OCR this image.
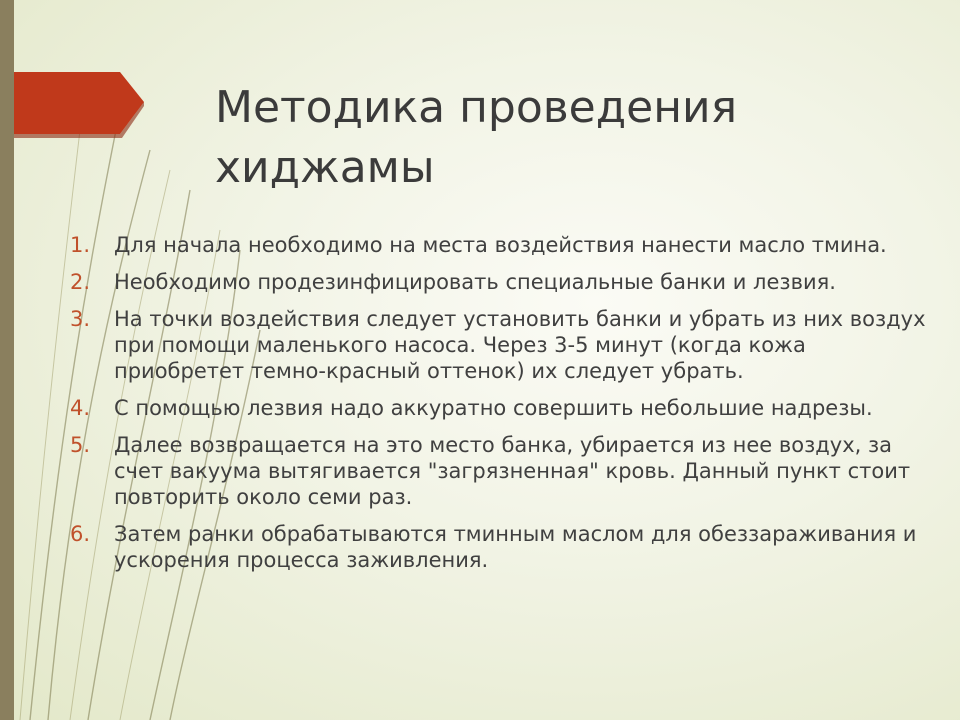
Методика проведения хиджамы
1. Для начала необходимо на места воздействия нанести масло тмина.
2. Необходимо продезинфицировать специальные банки и лезвия.
3. На точки воздействия следует установить банки и убрать из них воздух при помощи маленького насоса. Через 3-5 минут (когда кожа приобретет темно-красный оттенок) их следует убрать.
4. С помощью лезвия надо аккуратно совершить небольшие надрезы.
5. Далее возвращается на это место банка, убирается из нее воздух, за счет вакуума вытягивается "загрязненная" кровь. Данный пункт стоит повторить около семи раз.
6. Затем ранки обрабатываются тминным маслом для обеззараживания и ускорения процесса заживления.
